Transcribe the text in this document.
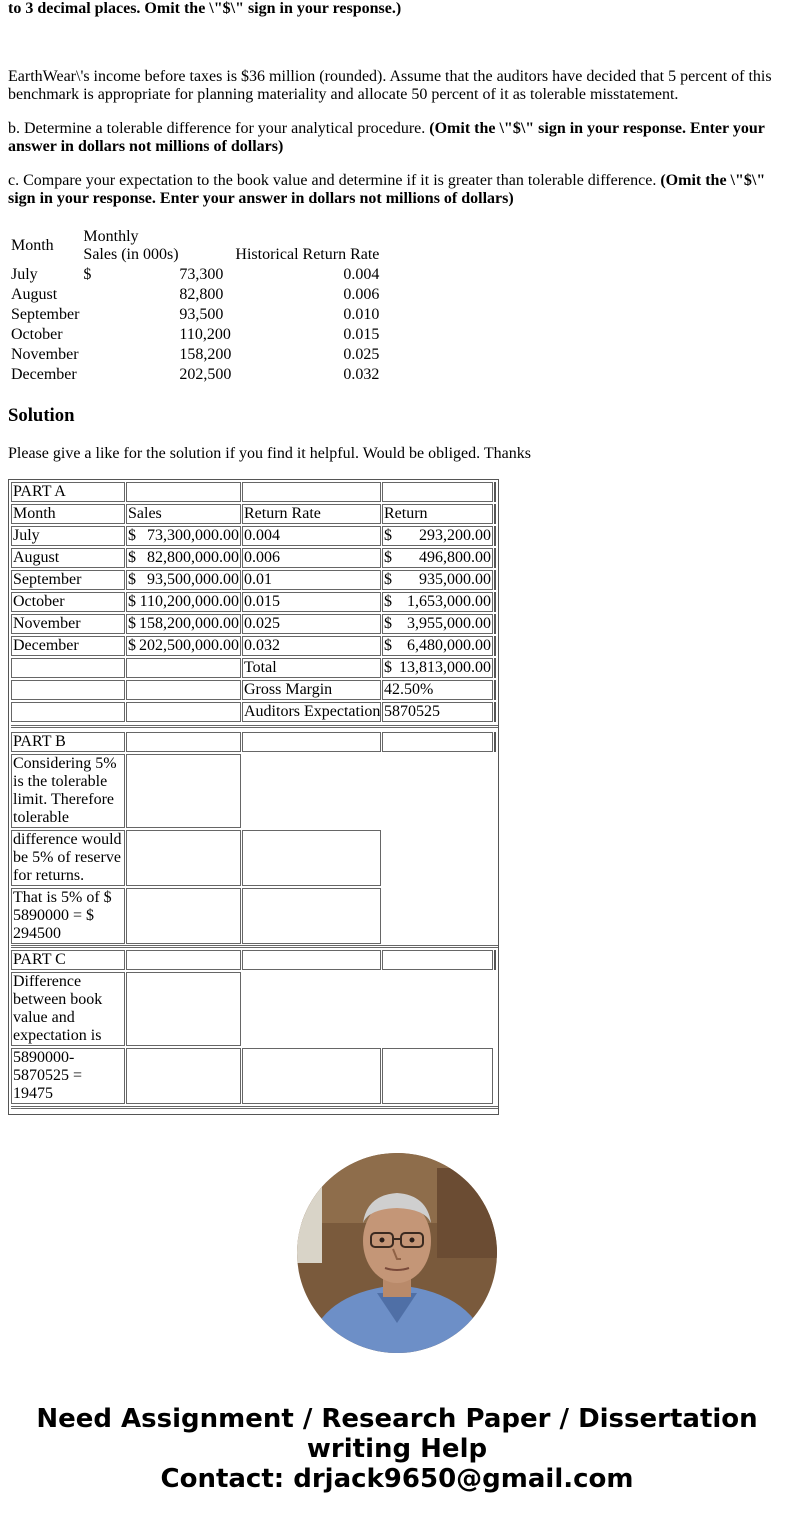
to 3 decimal places. Omit the \"$\" sign in your response.)

EarthWear\'s income before taxes is $36 million (rounded). Assume that the auditors have decided that 5 percent of this benchmark is appropriate for planning materiality and allocate 50 percent of it as tolerable misstatement.

b. Determine a tolerable difference for your analytical procedure. (Omit the \"$\" sign in your response. Enter your answer in dollars not millions of dollars)

c. Compare your expectation to the book value and determine if it is greater than tolerable difference. (Omit the \"$\" sign in your response. Enter your answer in dollars not millions of dollars)

Month	Monthly
Sales (in 000s)		Historical Return Rate
July	$	73,300	0.004
August		82,800	0.006
September		93,500	0.010
October		110,200	0.015
November		158,200	0.025
December		202,500	0.032
Solution

Please give a like for the solution if you find it helpful. Would be obliged. Thanks

PART A
Month	Sales	Return Rate	Return
July	$ 73,300,000.00 0.004	$ 293,200.00
August	$ 82,800,000.00 0.006	$ 496,800.00
September	$ 93,500,000.00 0.01	$ 935,000.00
October	$ 110,200,000.00 0.015	$ 1,653,000.00
November	$ 158,200,000.00 0.025	$ 3,955,000.00
December	$ 202,500,000.00 0.032	$ 6,480,000.00
Total	$ 13,813,000.00
Gross Margin	42.50%
Auditors Expectation 5870525
PART B
Considering 5% is the tolerable limit. Therefore tolerable
difference would be 5% of reserve for returns.
That is 5% of $ 5890000 = $ 294500
PART C
Difference between book value and expectation is
5890000-5870525 = 19475
Need Assignment / Research Paper / Dissertation
writing Help
Contact: drjack9650@gmail.com
